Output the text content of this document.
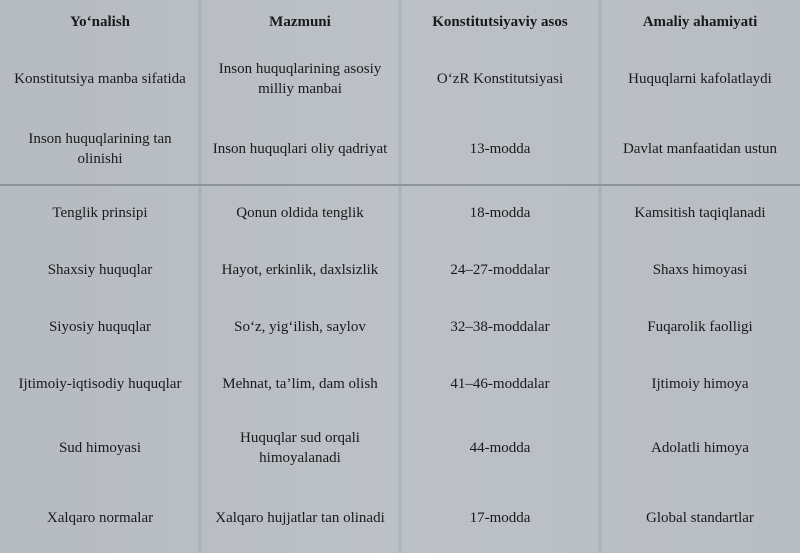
Yo‘nalish	Mazmuni	Konstitutsiyaviy asos	Amaliy ahamiyati
Konstitutsiya manba sifatida	Inson huquqlarining asosiy milliy manbai	O‘zR Konstitutsiyasi	Huquqlarni kafolatlaydi
Inson huquqlarining tan olinishi	Inson huquqlari oliy qadriyat	13-modda	Davlat manfaatidan ustun
Tenglik prinsipi	Qonun oldida tenglik	18-modda	Kamsitish taqiqlanadi
Shaxsiy huquqlar	Hayot, erkinlik, daxlsizlik	24–27-moddalar	Shaxs himoyasi
Siyosiy huquqlar	So‘z, yig‘ilish, saylov	32–38-moddalar	Fuqarolik faolligi
Ijtimoiy-iqtisodiy huquqlar	Mehnat, ta’lim, dam olish	41–46-moddalar	Ijtimoiy himoya
Sud himoyasi	Huquqlar sud orqali himoyalanadi	44-modda	Adolatli himoya
Xalqaro normalar	Xalqaro hujjatlar tan olinadi	17-modda	Global standartlar
